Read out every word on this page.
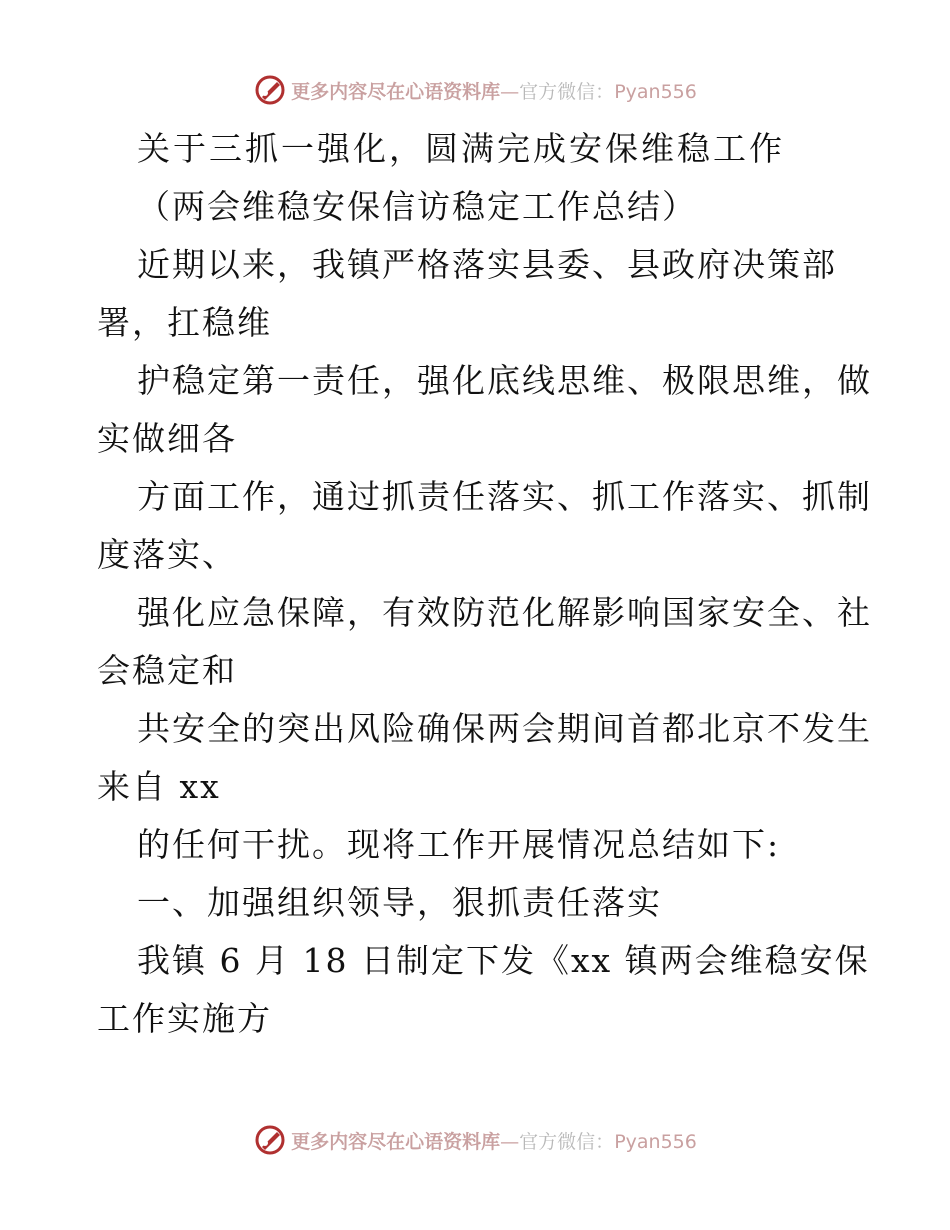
更多内容尽在心语资料库—官方微信：Pyan556
关于三抓一强化，圆满完成安保维稳工作
（两会维稳安保信访稳定工作总结）
近期以来，我镇严格落实县委、县政府决策部
署，扛稳维
护稳定第一责任，强化底线思维、极限思维，做
实做细各
方面工作，通过抓责任落实、抓工作落实、抓制
度落实、
强化应急保障，有效防范化解影响国家安全、社
会稳定和
共安全的突出风险确保两会期间首都北京不发生
来自 xx
的任何干扰。现将工作开展情况总结如下:
一、加强组织领导，狠抓责任落实
我镇 6 月 18 日制定下发《xx 镇两会维稳安保
工作实施方
更多内容尽在心语资料库—官方微信：Pyan556
